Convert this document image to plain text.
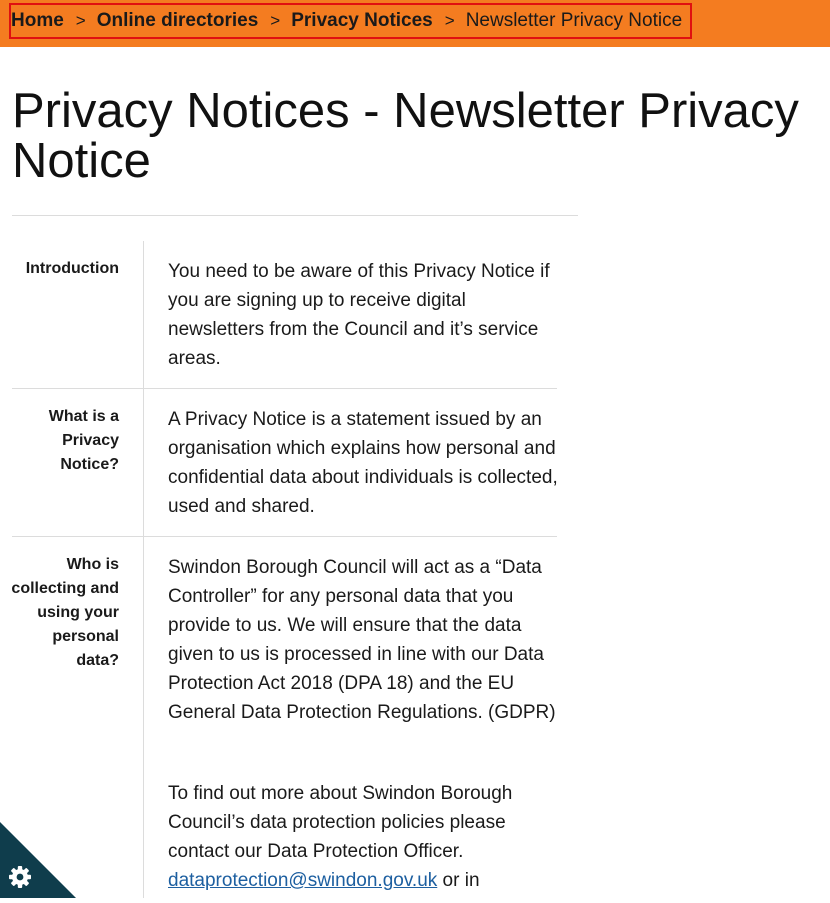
Home > Online directories > Privacy Notices > Newsletter Privacy Notice
Privacy Notices - Newsletter Privacy Notice
Introduction	You need to be aware of this Privacy Notice if you are signing up to receive digital newsletters from the Council and it’s service areas.

What is a Privacy Notice?

A Privacy Notice is a statement issued by an organisation which explains how personal and confidential data about individuals is collected, used and shared.

Who is collecting and using your personal data?

Swindon Borough Council will act as a “Data Controller” for any personal data that you provide to us. We will ensure that the data given to us is processed in line with our Data Protection Act 2018 (DPA 18) and the EU General Data Protection Regulations. (GDPR)

To find out more about Swindon Borough Council’s data protection policies please contact our Data Protection Officer. dataprotection@swindon.gov.uk or in
